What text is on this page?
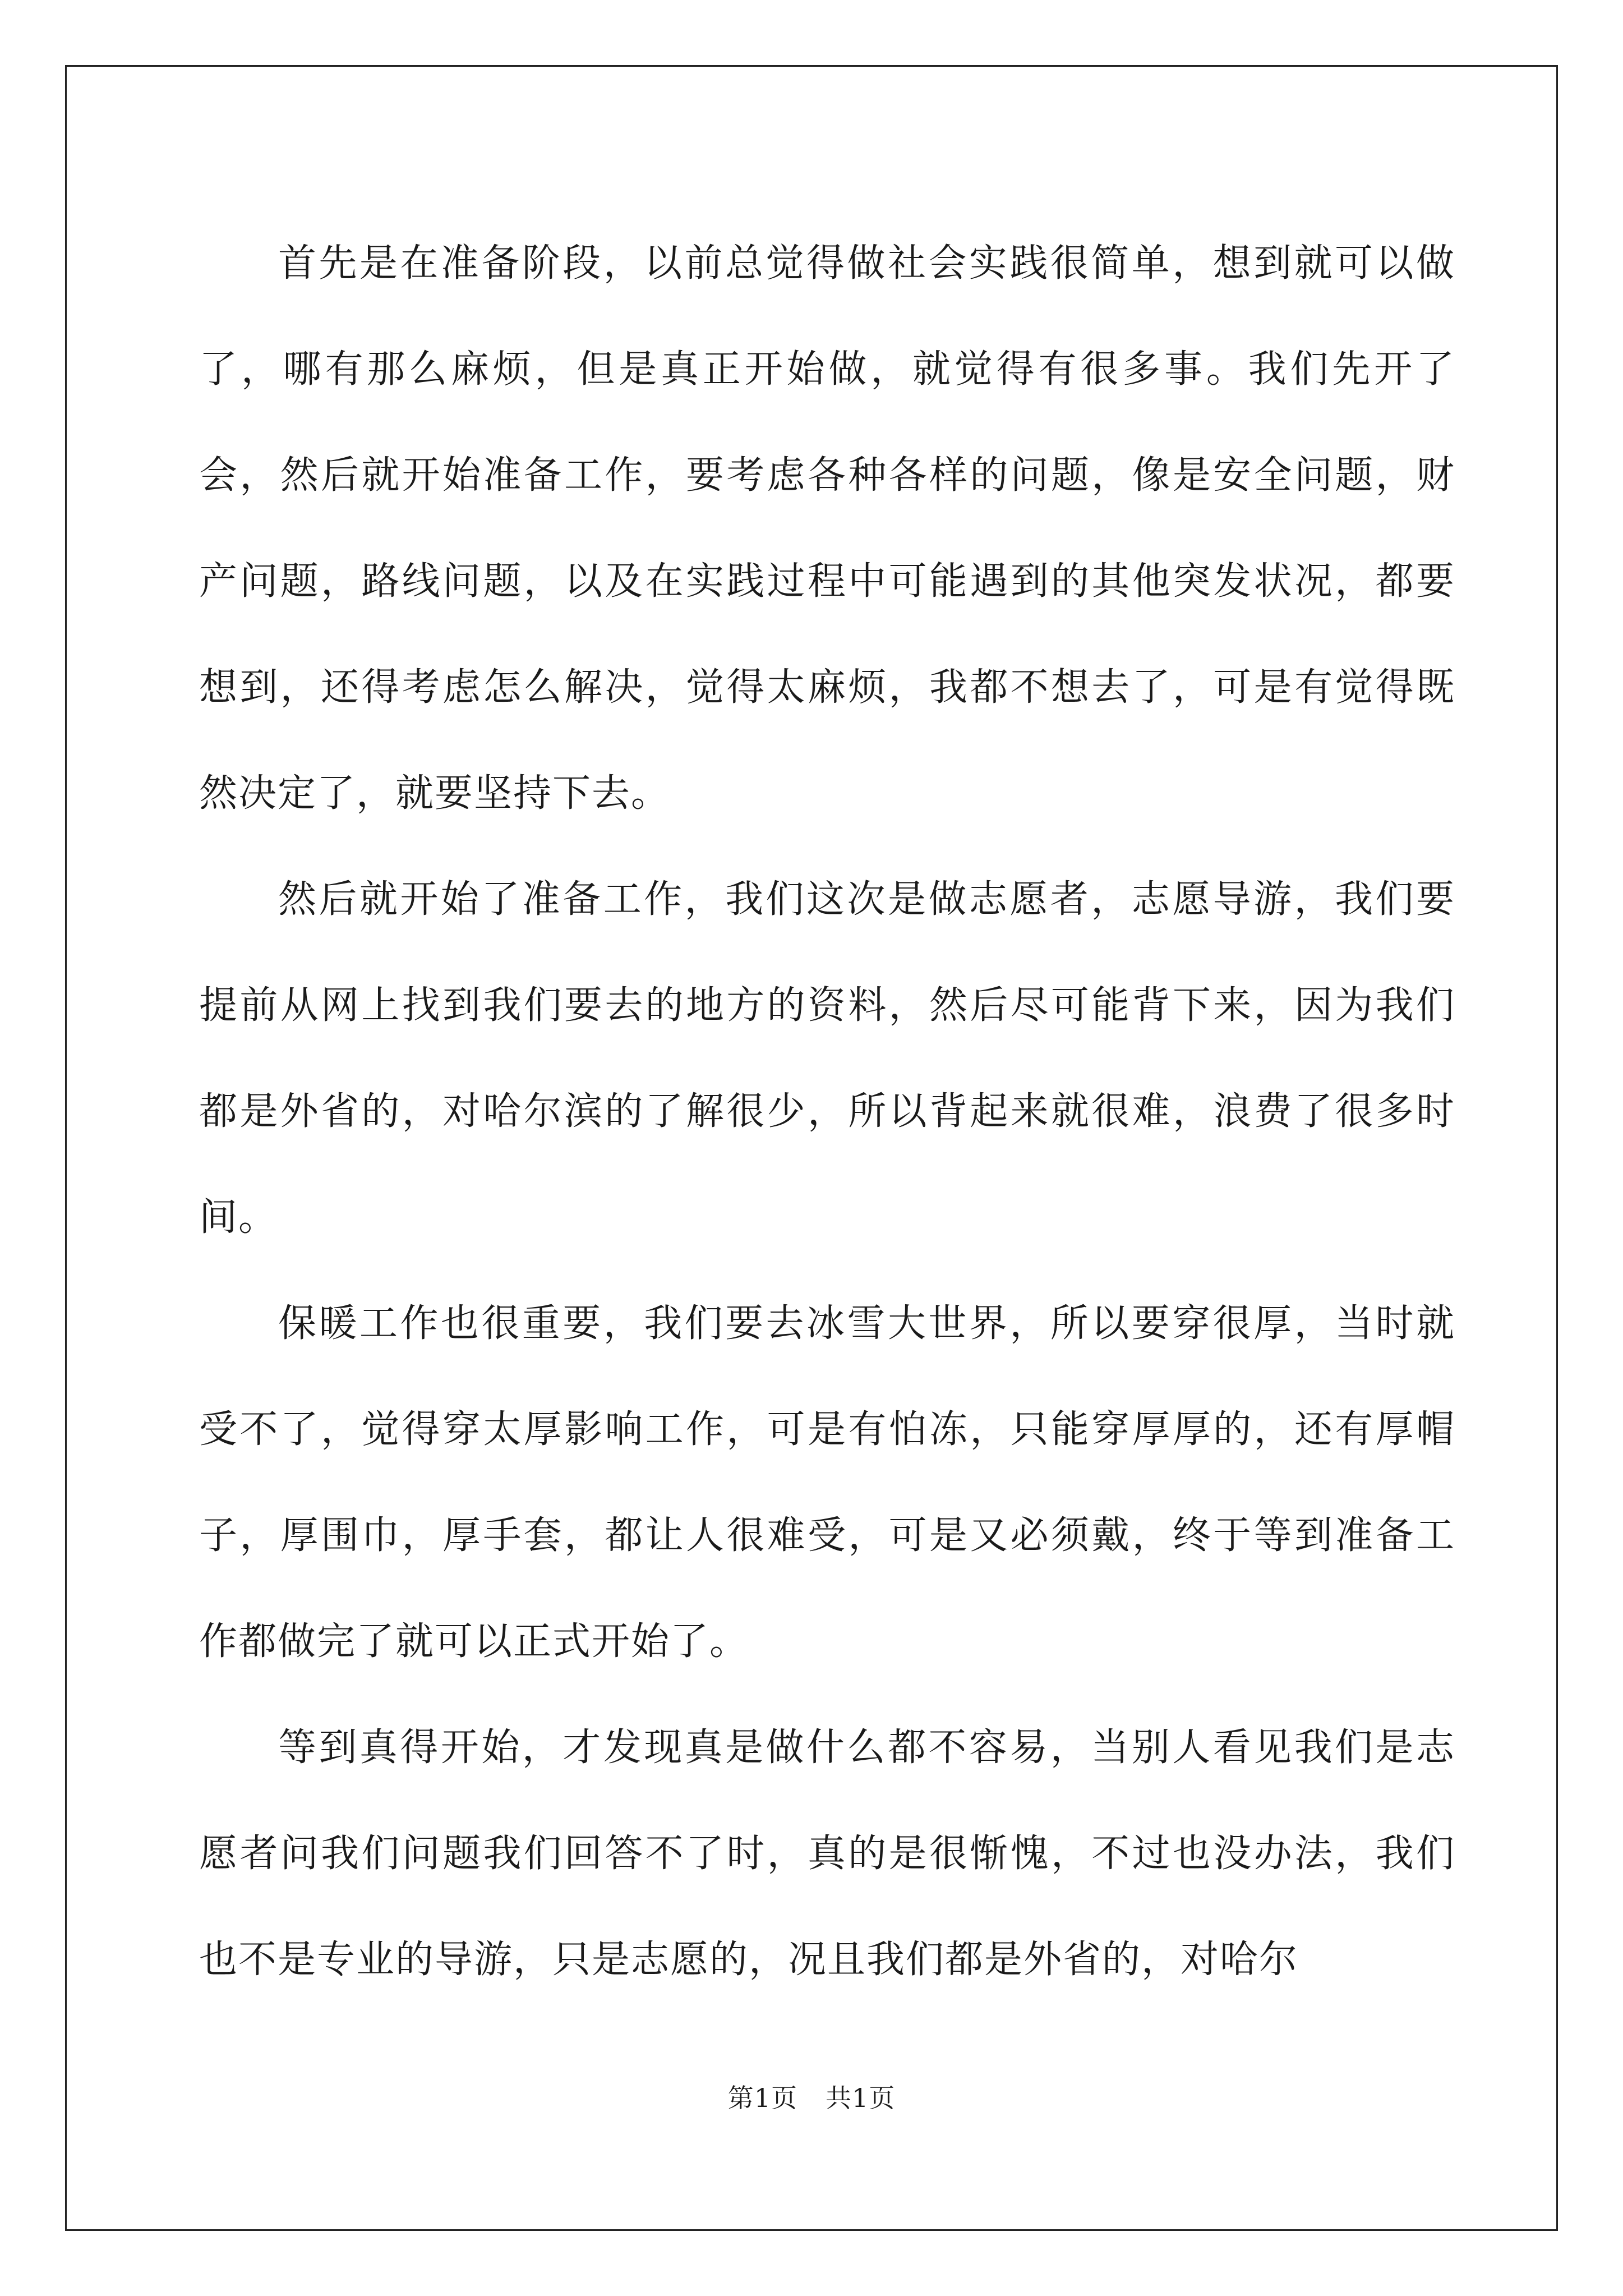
首先是在准备阶段，以前总觉得做社会实践很简单，想到就可以做了，哪有那么麻烦，但是真正开始做，就觉得有很多事。我们先开了会，然后就开始准备工作，要考虑各种各样的问题，像是安全问题，财产问题，路线问题，以及在实践过程中可能遇到的其他突发状况，都要想到，还得考虑怎么解决，觉得太麻烦，我都不想去了，可是有觉得既然决定了，就要坚持下去。

然后就开始了准备工作，我们这次是做志愿者，志愿导游，我们要提前从网上找到我们要去的地方的资料，然后尽可能背下来，因为我们都是外省的，对哈尔滨的了解很少，所以背起来就很难，浪费了很多时间。

保暖工作也很重要，我们要去冰雪大世界，所以要穿很厚，当时就受不了，觉得穿太厚影响工作，可是有怕冻，只能穿厚厚的，还有厚帽子，厚围巾，厚手套，都让人很难受，可是又必须戴，终于等到准备工作都做完了就可以正式开始了。

等到真得开始，才发现真是做什么都不容易，当别人看见我们是志愿者问我们问题我们回答不了时，真的是很惭愧，不过也没办法，我们也不是专业的导游，只是志愿的，况且我们都是外省的，对哈尔

第1页 共1页
